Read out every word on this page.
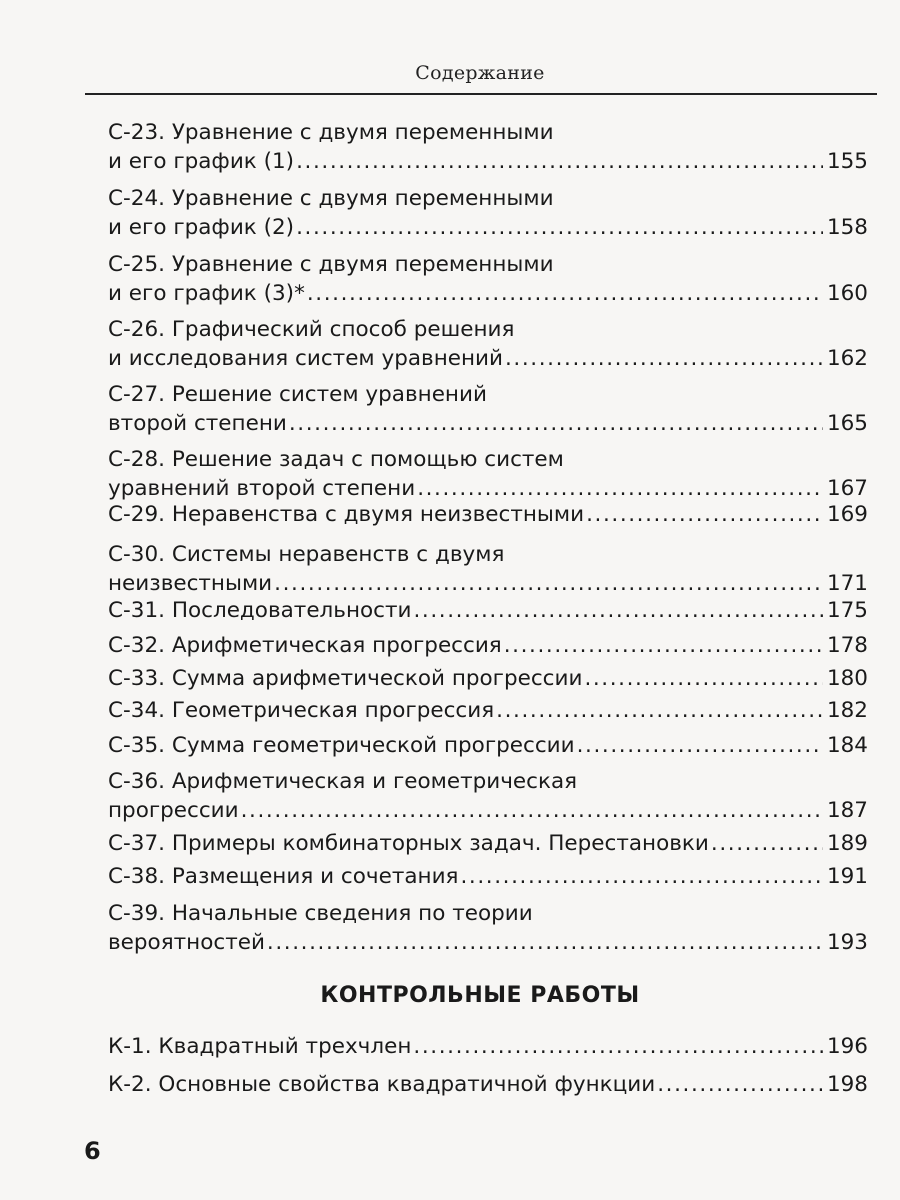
Содержание
С-23. Уравнение с двумя переменными
и его график (1) .....	155
С-24. Уравнение с двумя переменными
и его график (2) .....	158
С-25. Уравнение с двумя переменными
и его график (3)* .....	160
С-26. Графический способ решения
и исследования систем уравнений .....	162
С-27. Решение систем уравнений
второй степени .....	165
С-28. Решение задач с помощью систем
уравнений второй степени .....	167
С-29. Неравенства с двумя неизвестными .....	169
С-30. Системы неравенств с двумя
неизвестными .....	171
С-31. Последовательности .....	175
С-32. Арифметическая прогрессия .....	178
С-33. Сумма арифметической прогрессии .....	180
С-34. Геометрическая прогрессия .....	182
С-35. Сумма геометрической прогрессии .....	184
С-36. Арифметическая и геометрическая
прогрессии .....	187
С-37. Примеры комбинаторных задач. Перестановки .....	189
С-38. Размещения и сочетания .....	191
С-39. Начальные сведения по теории
вероятностей .....	193
К-1. Квадратный трехчлен .....	196
К-2. Основные свойства квадратичной функции .....	198
КОНТРОЛЬНЫЕ РАБОТЫ
6
